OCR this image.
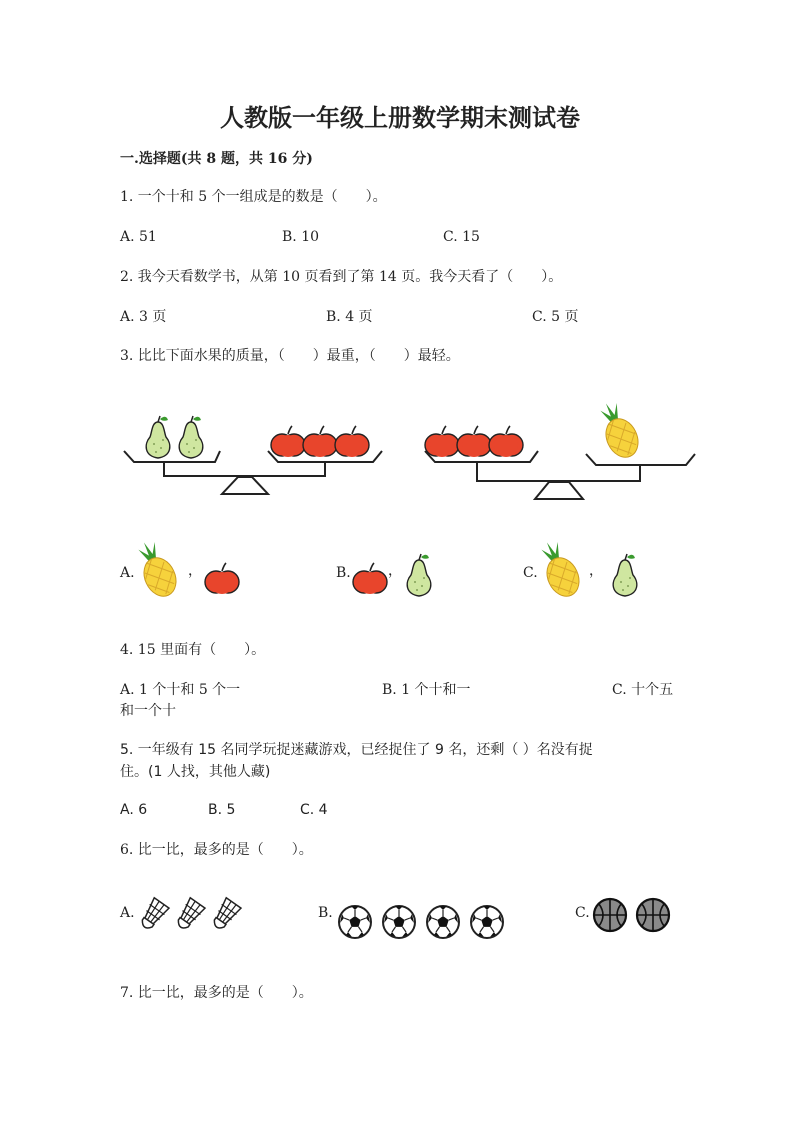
人教版一年级上册数学期末测试卷
一.选择题(共 8 题，共 16 分)
1. 一个十和 5 个一组成是的数是（　　）。
A. 51	B. 10	C. 15
2. 我今天看数学书，从第 10 页看到了第 14 页。我今天看了（　　）。
A. 3 页	B. 4 页	C. 5 页
3. 比比下面水果的质量，（　　）最重，（　　）最轻。
A.	，	B.	，	C.	，
4. 15 里面有（　　）。
A. 1 个十和 5 个一	B. 1 个十和一	C. 十个五
和一个十
5. 一年级有 15 名同学玩捉迷藏游戏，已经捉住了 9 名，还剩（ ）名没有捉
住。(1 人找，其他人藏)
A. 6	B. 5	C. 4
6. 比一比，最多的是（　　）。
A.	B.	C.
7. 比一比，最多的是（　　）。
